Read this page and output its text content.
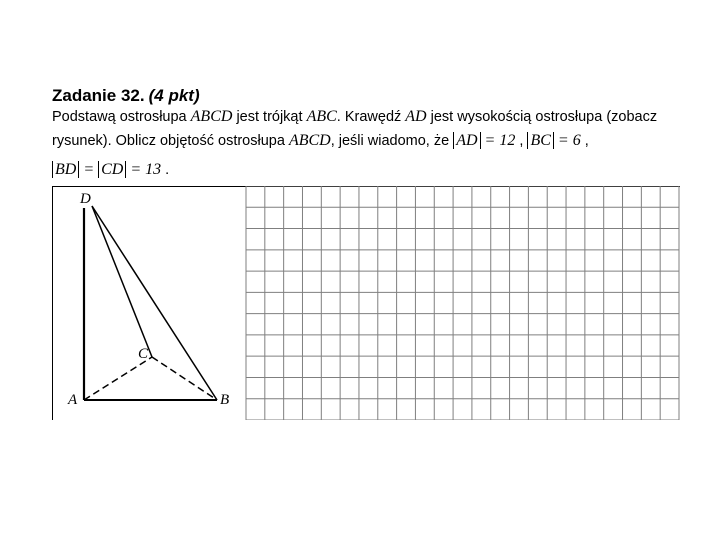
Zadanie 32. (4 pkt)
Podstawą ostrosłupa ABCD jest trójkąt ABC. Krawędź AD jest wysokością ostrosłupa (zobacz
rysunek). Oblicz objętość ostrosłupa ABCD, jeśli wiadomo, że AD = 12 , BC = 6 ,
BD = CD = 13 .
D
C
A	B
